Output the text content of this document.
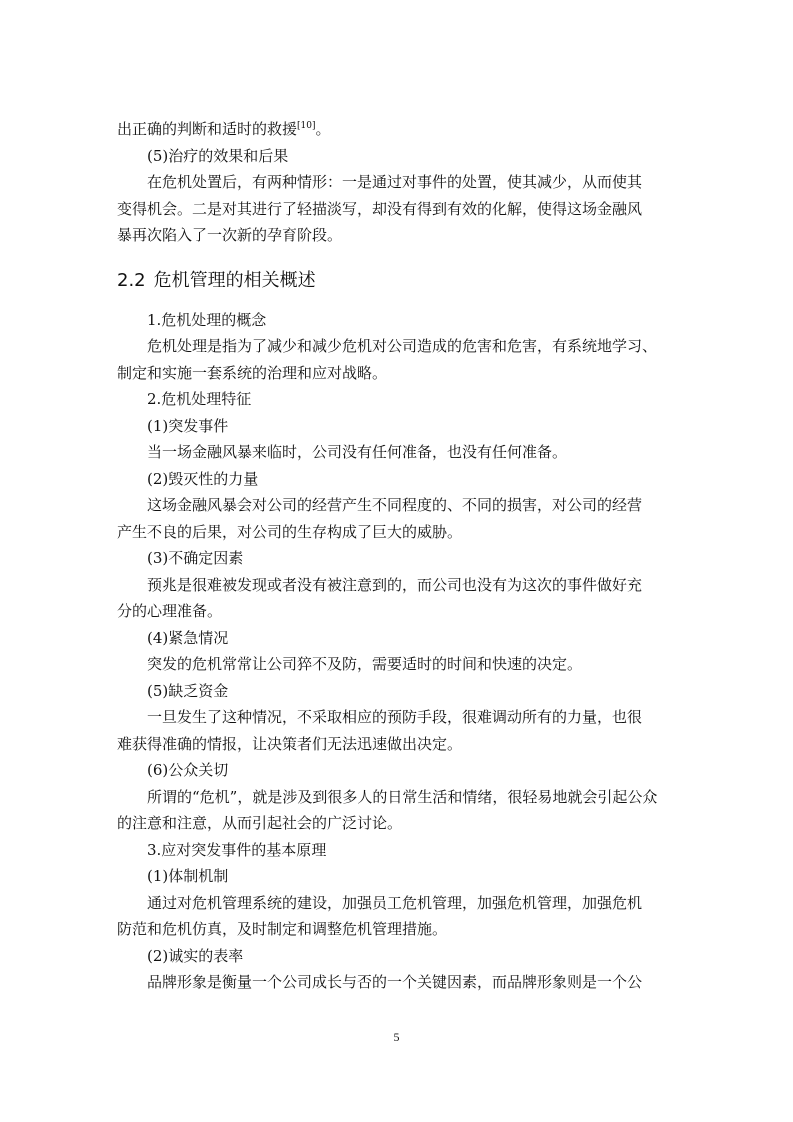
出正确的判断和适时的救援[10]。

(5)治疗的效果和后果

在危机处置后，有两种情形：一是通过对事件的处置，使其减少，从而使其

变得机会。二是对其进行了轻描淡写，却没有得到有效的化解，使得这场金融风

暴再次陷入了一次新的孕育阶段。

2.2 危机管理的相关概述

1.危机处理的概念

危机处理是指为了减少和减少危机对公司造成的危害和危害，有系统地学习、

制定和实施一套系统的治理和应对战略。

2.危机处理特征

(1)突发事件

当一场金融风暴来临时，公司没有任何准备，也没有任何准备。

(2)毁灭性的力量

这场金融风暴会对公司的经营产生不同程度的、不同的损害，对公司的经营

产生不良的后果，对公司的生存构成了巨大的威胁。

(3)不确定因素

预兆是很难被发现或者没有被注意到的，而公司也没有为这次的事件做好充

分的心理准备。

(4)紧急情况

突发的危机常常让公司猝不及防，需要适时的时间和快速的决定。

(5)缺乏资金

一旦发生了这种情况，不采取相应的预防手段，很难调动所有的力量，也很

难获得准确的情报，让决策者们无法迅速做出决定。

(6)公众关切

所谓的“危机”，就是涉及到很多人的日常生活和情绪，很轻易地就会引起公众

的注意和注意，从而引起社会的广泛讨论。

3.应对突发事件的基本原理

(1)体制机制

通过对危机管理系统的建设，加强员工危机管理，加强危机管理，加强危机

防范和危机仿真，及时制定和调整危机管理措施。

(2)诚实的表率

品牌形象是衡量一个公司成长与否的一个关键因素，而品牌形象则是一个公

5
